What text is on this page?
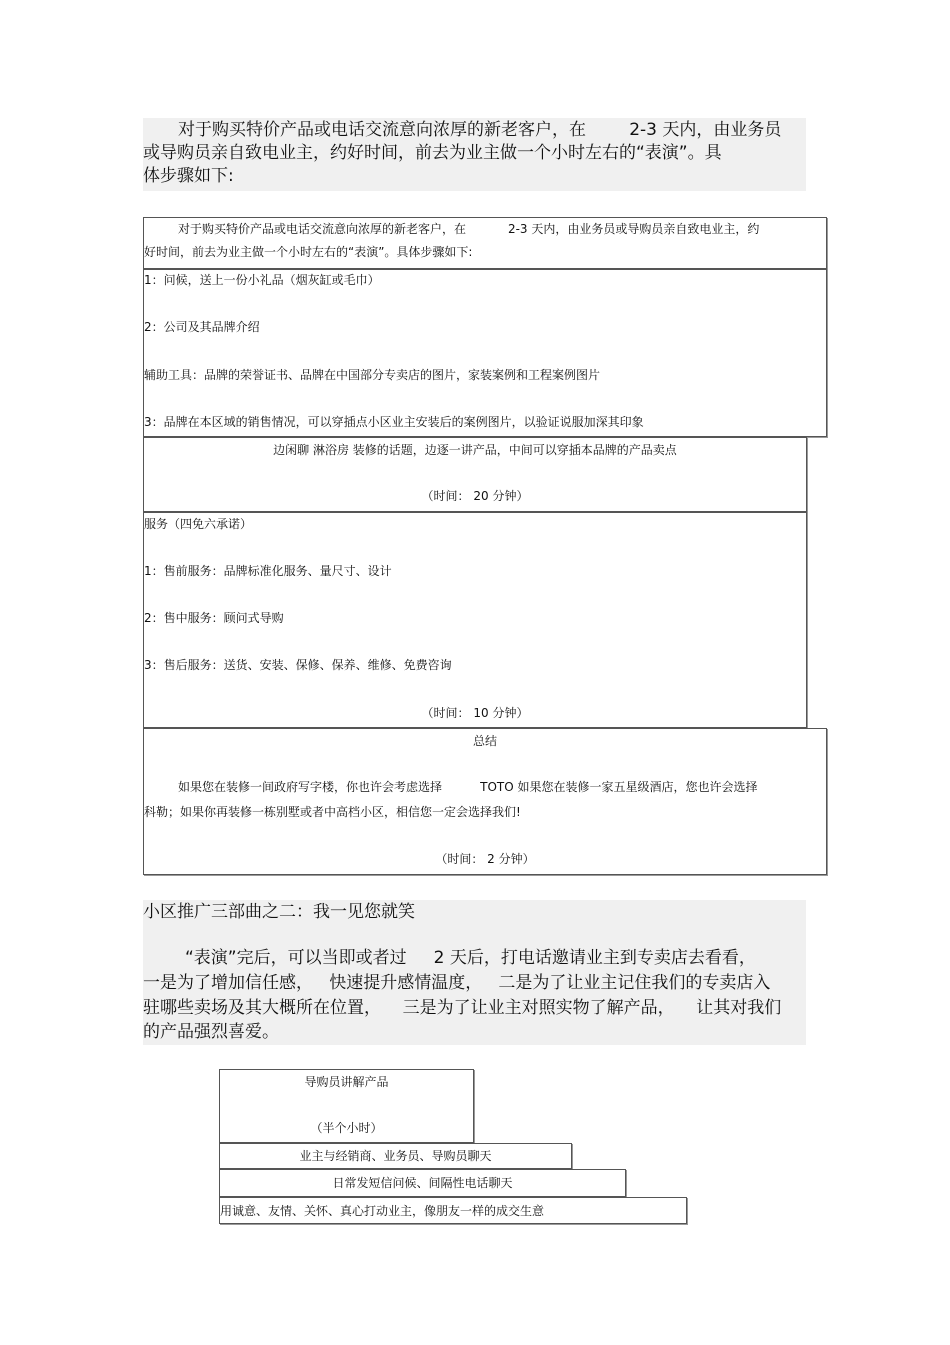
对于购买特价产品或电话交流意向浓厚的新老客户，在        2-3 天内，由业务员

或导购员亲自致电业主，约好时间，前去为业主做一个小时左右的“表演”。具

体步骤如下:

对于购买特价产品或电话交流意向浓厚的新老客户，在           2-3 天内，由业务员或导购员亲自致电业主，约
好时间，前去为业主做一个小时左右的“表演”。具体步骤如下:
1：问候，送上一份小礼品（烟灰缸或毛巾）
2：公司及其品牌介绍
辅助工具：品牌的荣誉证书、品牌在中国部分专卖店的图片，家装案例和工程案例图片
3：品牌在本区域的销售情况，可以穿插点小区业主安装后的案例图片，以验证说服加深其印象
边闲聊 淋浴房 装修的话题，边逐一讲产品，中间可以穿插本品牌的产品卖点
（时间： 20 分钟）
服务（四免六承诺）
1：售前服务：品牌标准化服务、量尺寸、设计
2：售中服务：顾问式导购
3：售后服务：送货、安装、保修、保养、维修、免费咨询
（时间： 10 分钟）
总结
如果您在装修一间政府写字楼，你也许会考虑选择          TOTO 如果您在装修一家五星级酒店，您也许会选择
科勒；如果你再装修一栋别墅或者中高档小区，相信您一定会选择我们!
（时间： 2 分钟）
小区推广三部曲之二：我一见您就笑
“表演”完后，可以当即或者过     2 天后，打电话邀请业主到专卖店去看看，
一是为了增加信任感，   快速提升感情温度，   二是为了让业主记住我们的专卖店入
驻哪些卖场及其大概所在位置，    三是为了让业主对照实物了解产品，    让其对我们
的产品强烈喜爱。
导购员讲解产品
（半个小时）
业主与经销商、业务员、导购员聊天
日常发短信问候、间隔性电话聊天
用诚意、友情、关怀、真心打动业主，像朋友一样的成交生意
